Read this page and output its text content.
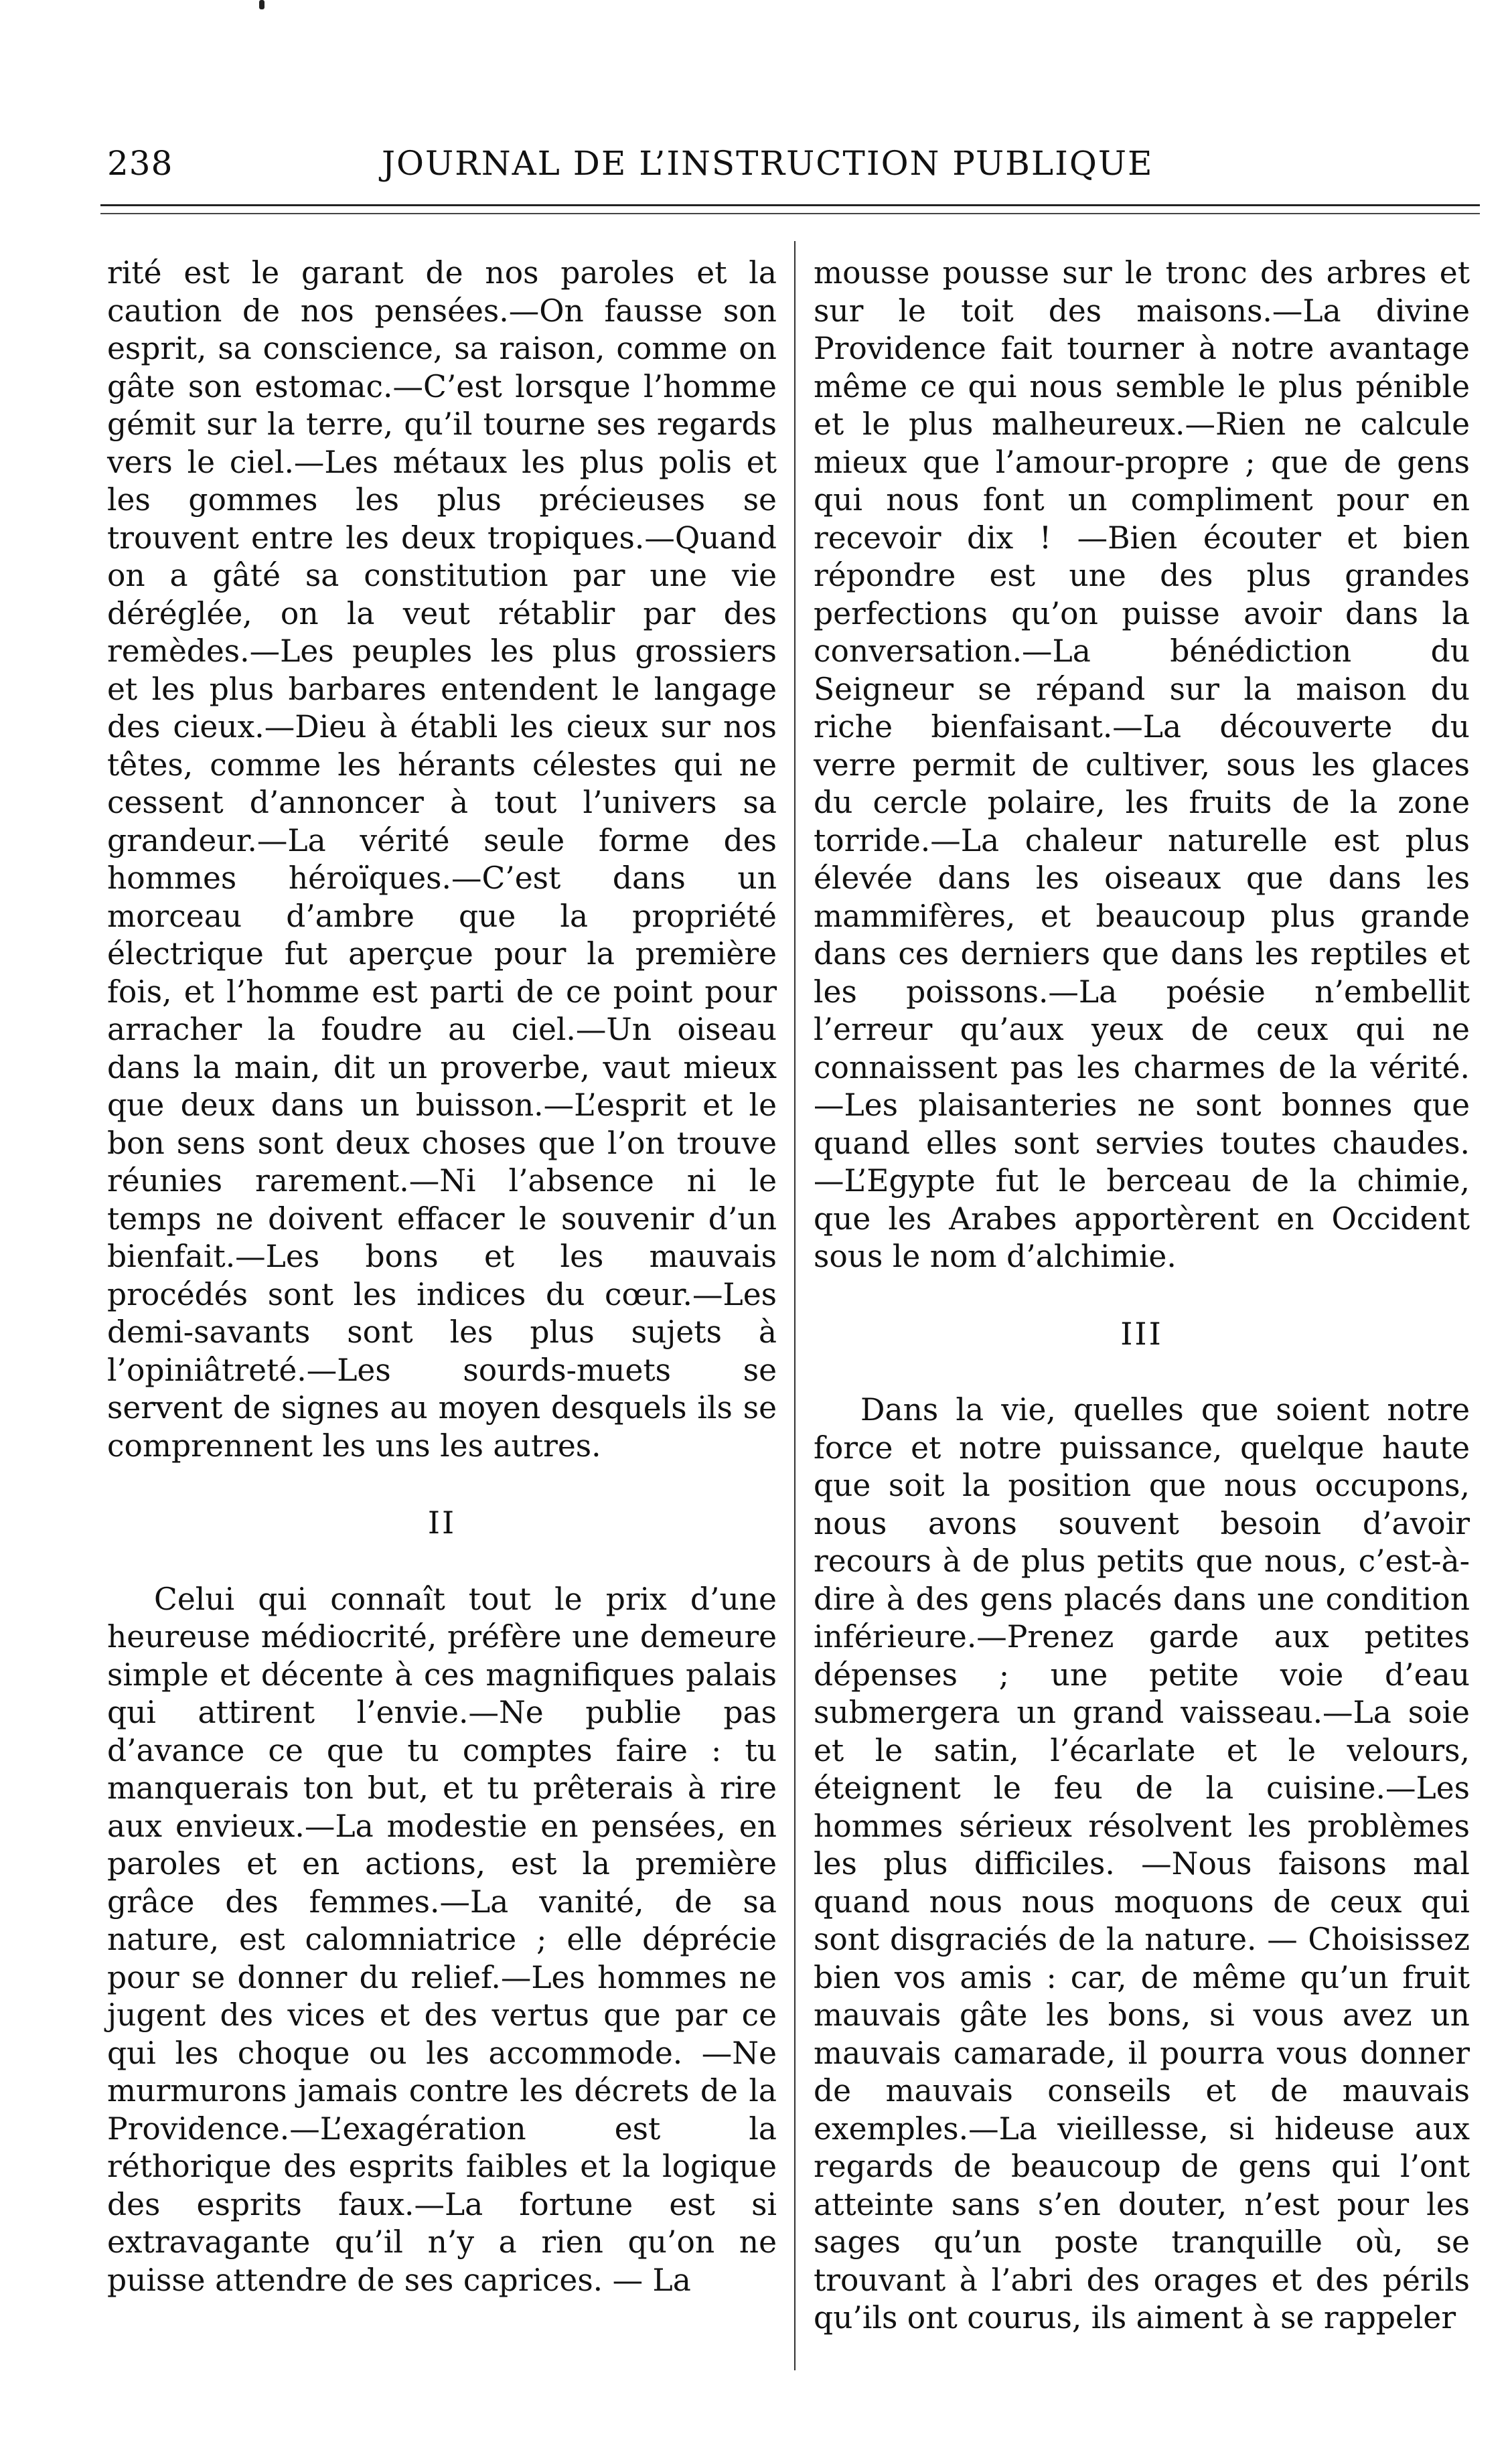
238	JOURNAL DE L’INSTRUCTION PUBLIQUE

rité est le garant de nos paroles et la caution de nos pensées.—On fausse son esprit, sa conscience, sa raison, comme on gâte son estomac.—C’est lorsque l’homme gémit sur la terre, qu’il tourne ses regards vers le ciel.—Les métaux les plus polis et les gommes les plus précieuses se trouvent entre les deux tropiques.—Quand on a gâté sa constitution par une vie déréglée, on la veut rétablir par des remèdes.—Les peuples les plus grossiers et les plus barbares entendent le langage des cieux.—Dieu à établi les cieux sur nos têtes, comme les hérants célestes qui ne cessent d’annoncer à tout l’univers sa grandeur.—La vérité seule forme des hommes héroïques.—C’est dans un morceau d’ambre que la propriété électrique fut aperçue pour la première fois, et l’homme est parti de ce point pour arracher la foudre au ciel.—Un oiseau dans la main, dit un proverbe, vaut mieux que deux dans un buisson.—L’esprit et le bon sens sont deux choses que l’on trouve réunies rarement.—Ni l’absence ni le temps ne doivent effacer le souvenir d’un bienfait.—Les bons et les mauvais procédés sont les indices du cœur.—Les demi-savants sont les plus sujets à l’opiniâtreté.—Les sourds-muets se servent de signes au moyen desquels ils se comprennent les uns les autres.

II

Celui qui connaît tout le prix d’une heureuse médiocrité, préfère une demeure simple et décente à ces magnifiques palais qui attirent l’envie.—Ne publie pas d’avance ce que tu comptes faire : tu manquerais ton but, et tu prêterais à rire aux envieux.—La modestie en pensées, en paroles et en actions, est la première grâce des femmes.—La vanité, de sa nature, est calomniatrice ; elle déprécie pour se donner du relief.—Les hommes ne jugent des vices et des vertus que par ce qui les choque ou les accommode. —Ne murmurons jamais contre les décrets de la Providence.—L’exagération est la réthorique des esprits faibles et la logique des esprits faux.—La fortune est si extravagante qu’il n’y a rien qu’on ne puisse attendre de ses caprices. — La

mousse pousse sur le tronc des arbres et sur le toit des maisons.—La divine Providence fait tourner à notre avantage même ce qui nous semble le plus pénible et le plus malheureux.—Rien ne calcule mieux que l’amour-propre ; que de gens qui nous font un compliment pour en recevoir dix ! —Bien écouter et bien répondre est une des plus grandes perfections qu’on puisse avoir dans la conversation.—La bénédiction du Seigneur se répand sur la maison du riche bienfaisant.—La découverte du verre permit de cultiver, sous les glaces du cercle polaire, les fruits de la zone torride.—La chaleur naturelle est plus élevée dans les oiseaux que dans les mammifères, et beaucoup plus grande dans ces derniers que dans les reptiles et les poissons.—La poésie n’embellit l’erreur qu’aux yeux de ceux qui ne connaissent pas les charmes de la vérité.—Les plaisanteries ne sont bonnes que quand elles sont servies toutes chaudes. —L’Egypte fut le berceau de la chimie, que les Arabes apportèrent en Occident sous le nom d’alchimie.

III

Dans la vie, quelles que soient notre force et notre puissance, quelque haute que soit la position que nous occupons, nous avons souvent besoin d’avoir recours à de plus petits que nous, c’est-à-dire à des gens placés dans une condition inférieure.—Prenez garde aux petites dépenses ; une petite voie d’eau submergera un grand vaisseau.—La soie et le satin, l’écarlate et le velours, éteignent le feu de la cuisine.—Les hommes sérieux résolvent les problèmes les plus difficiles. —Nous faisons mal quand nous nous moquons de ceux qui sont disgraciés de la nature. — Choisissez bien vos amis : car, de même qu’un fruit mauvais gâte les bons, si vous avez un mauvais camarade, il pourra vous donner de mauvais conseils et de mauvais exemples.—La vieillesse, si hideuse aux regards de beaucoup de gens qui l’ont atteinte sans s’en douter, n’est pour les sages qu’un poste tranquille où, se trouvant à l’abri des orages et des périls qu’ils ont courus, ils aiment à se rappeler
